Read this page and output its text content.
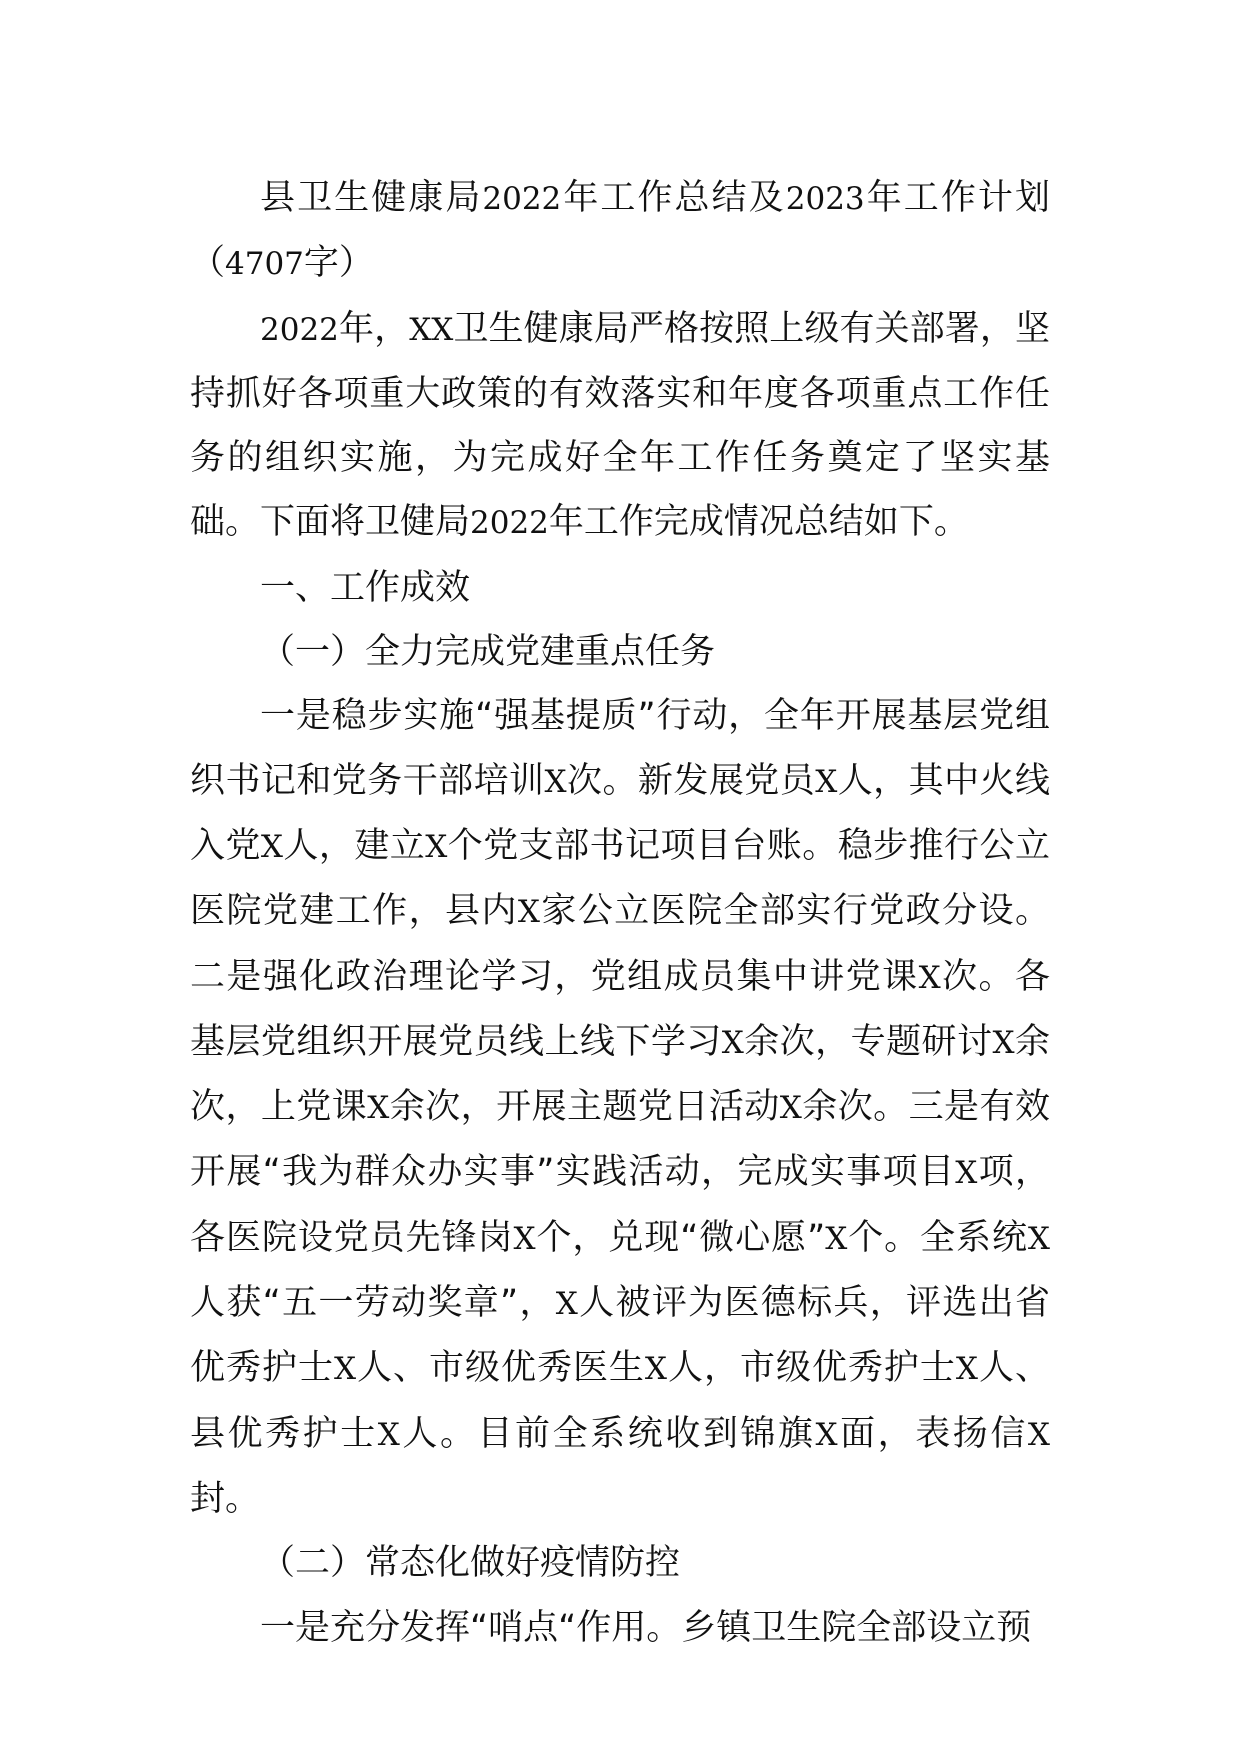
县卫生健康局2022年工作总结及2023年工作计划（4707字）

2022年，XX卫生健康局严格按照上级有关部署，坚持抓好各项重大政策的有效落实和年度各项重点工作任务的组织实施，为完成好全年工作任务奠定了坚实基础。下面将卫健局2022年工作完成情况总结如下。

一、工作成效

（一）全力完成党建重点任务

一是稳步实施“强基提质”行动，全年开展基层党组织书记和党务干部培训X次。新发展党员X人，其中火线入党X人，建立X个党支部书记项目台账。稳步推行公立医院党建工作，县内X家公立医院全部实行党政分设。二是强化政治理论学习，党组成员集中讲党课X次。各基层党组织开展党员线上线下学习X余次，专题研讨X余次，上党课X余次，开展主题党日活动X余次。三是有效开展“我为群众办实事”实践活动，完成实事项目X项，各医院设党员先锋岗X个，兑现“微心愿”X个。全系统X人获“五一劳动奖章”，X人被评为医德标兵，评选出省优秀护士X人、市级优秀医生X人，市级优秀护士X人、县优秀护士X人。目前全系统收到锦旗X面，表扬信X封。

（二）常态化做好疫情防控

一是充分发挥“哨点“作用。乡镇卫生院全部设立预
